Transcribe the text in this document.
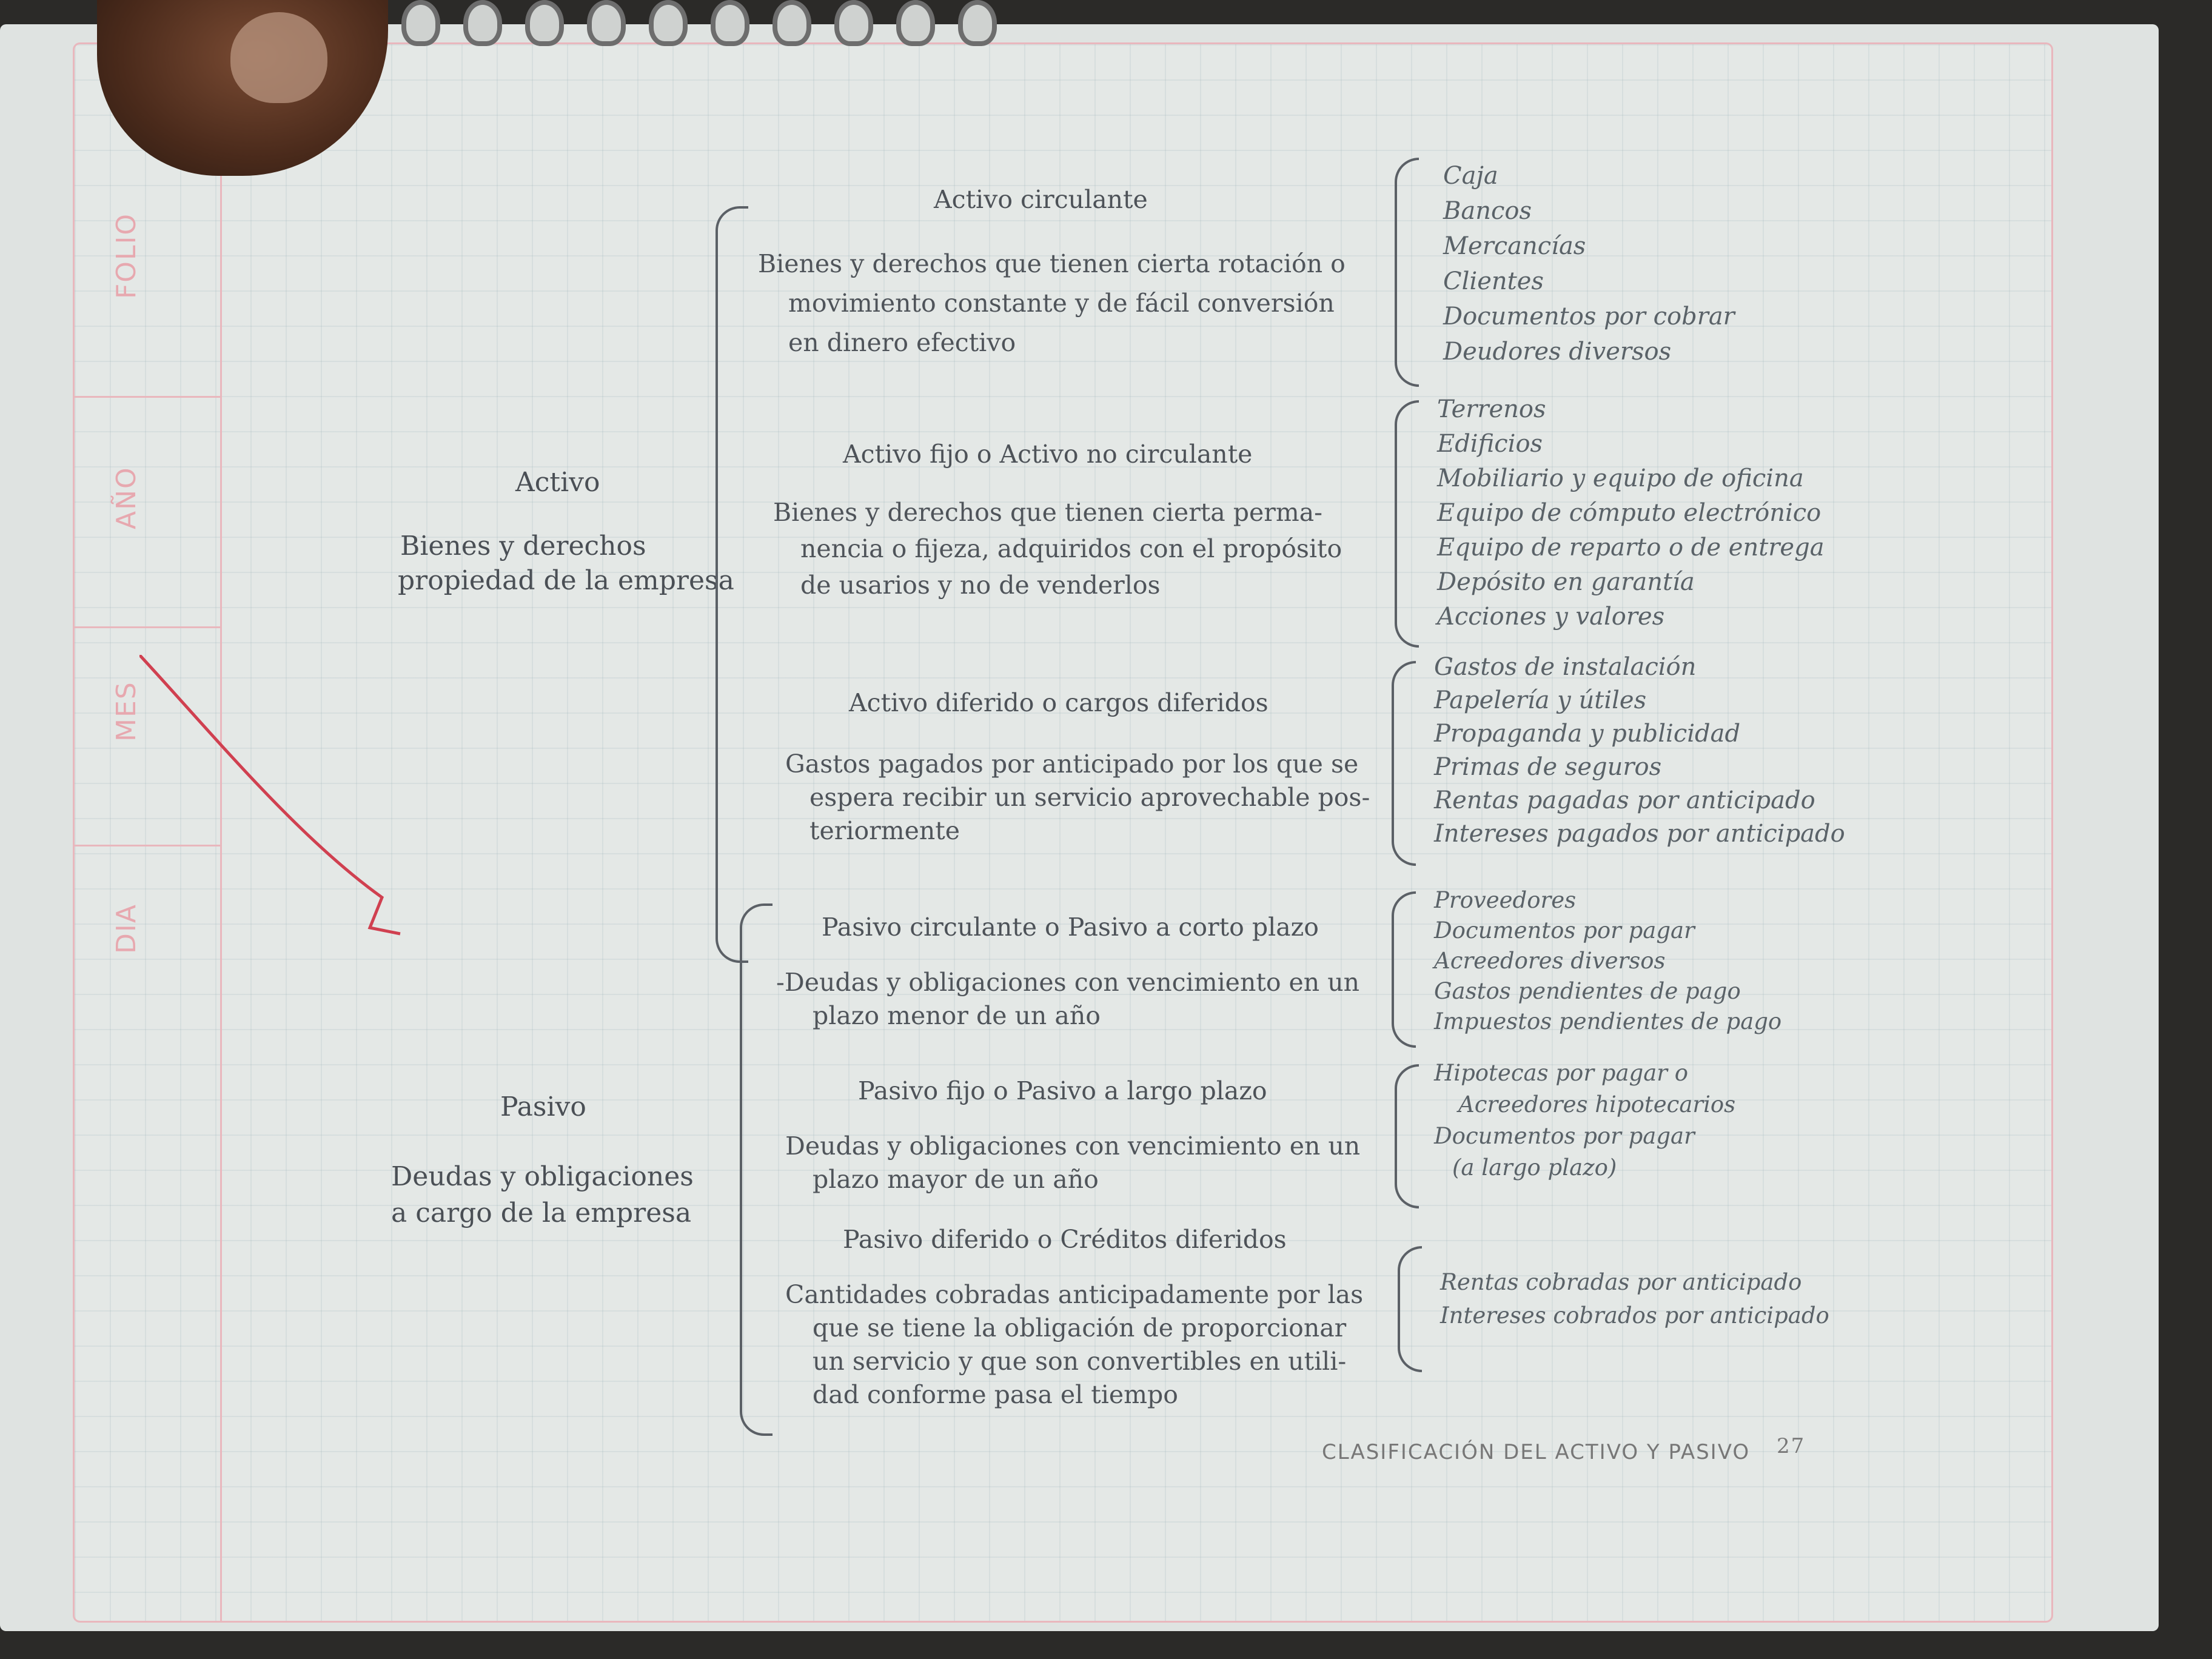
FOLIO
AÑO
MES
DIA
Activo
Bienes y derechos
propiedad de la empresa
Activo circulante
Bienes y derechos que tienen cierta rotación o
movimiento constante y de fácil conversión
en dinero efectivo
Caja
Bancos
Mercancías
Clientes
Documentos por cobrar
Deudores diversos
Activo fijo o Activo no circulante
Bienes y derechos que tienen cierta perma-
nencia o fijeza, adquiridos con el propósito
de usarios y no de venderlos
Terrenos
Edificios
Mobiliario y equipo de oficina
Equipo de cómputo electrónico
Equipo de reparto o de entrega
Depósito en garantía
Acciones y valores
Activo diferido o cargos diferidos
Gastos pagados por anticipado por los que se
espera recibir un servicio aprovechable pos-
teriormente
Gastos de instalación
Papelería y útiles
Propaganda y publicidad
Primas de seguros
Rentas pagadas por anticipado
Intereses pagados por anticipado
Pasivo
Deudas y obligaciones
a cargo de la empresa
Pasivo circulante o Pasivo a corto plazo
-Deudas y obligaciones con vencimiento en un
plazo menor de un año
Proveedores
Documentos por pagar
Acreedores diversos
Gastos pendientes de pago
Impuestos pendientes de pago
Pasivo fijo o Pasivo a largo plazo
Deudas y obligaciones con vencimiento en un
plazo mayor de un año
Hipotecas por pagar o
Acreedores hipotecarios
Documentos por pagar
(a largo plazo)
Pasivo diferido o Créditos diferidos
Cantidades cobradas anticipadamente por las
que se tiene la obligación de proporcionar
un servicio y que son convertibles en utili-
dad conforme pasa el tiempo
Rentas cobradas por anticipado
Intereses cobrados por anticipado
CLASIFICACIÓN DEL ACTIVO Y PASIVO 27
